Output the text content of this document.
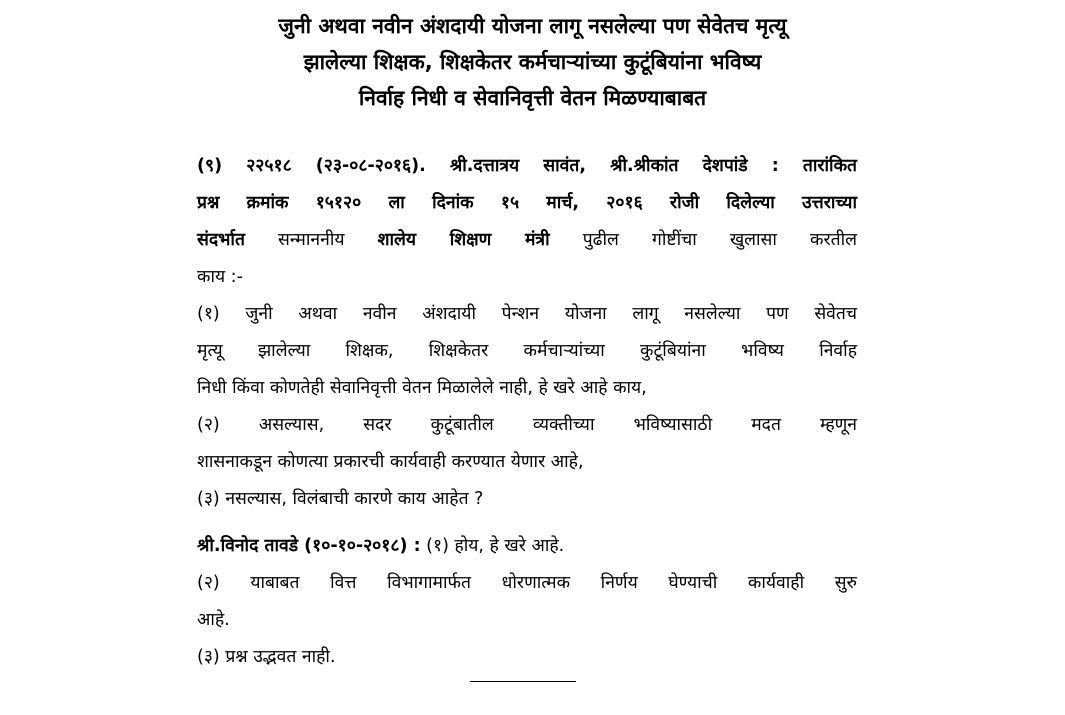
जुनी अथवा नवीन अंशदायी योजना लागू नसलेल्या पण सेवेतच मृत्यू
झालेल्या शिक्षक, शिक्षकेतर कर्मचाऱ्यांच्या कुटूंबियांना भविष्य
निर्वाह निधी व सेवानिवृत्ती वेतन मिळण्याबाबत
(९) २२५१८ (२३-०८-२०१६). श्री.दत्तात्रय सावंत, श्री.श्रीकांत देशपांडे : तारांकित
प्रश्न क्रमांक १५१२० ला दिनांक १५ मार्च, २०१६ रोजी दिलेल्या उत्तराच्या
संदर्भात सन्माननीय शालेय शिक्षण मंत्री पुढील गोष्टींचा खुलासा करतील
काय :-
(१) जुनी अथवा नवीन अंशदायी पेन्शन योजना लागू नसलेल्या पण सेवेतच
मृत्यू झालेल्या शिक्षक, शिक्षकेतर कर्मचाऱ्यांच्या कुटूंबियांना भविष्य निर्वाह
निधी किंवा कोणतेही सेवानिवृत्ती वेतन मिळालेले नाही, हे खरे आहे काय,
(२) असल्यास, सदर कुटूंबातील व्यक्तीच्या भविष्यासाठी मदत म्हणून
शासनाकडून कोणत्या प्रकारची कार्यवाही करण्यात येणार आहे,
(३) नसल्यास, विलंबाची कारणे काय आहेत ?
श्री.विनोद तावडे (१०-१०-२०१८) : (१) होय, हे खरे आहे.
(२) याबाबत वित्त विभागामार्फत धोरणात्मक निर्णय घेण्याची कार्यवाही सुरु
आहे.
(३) प्रश्न उद्भवत नाही.
